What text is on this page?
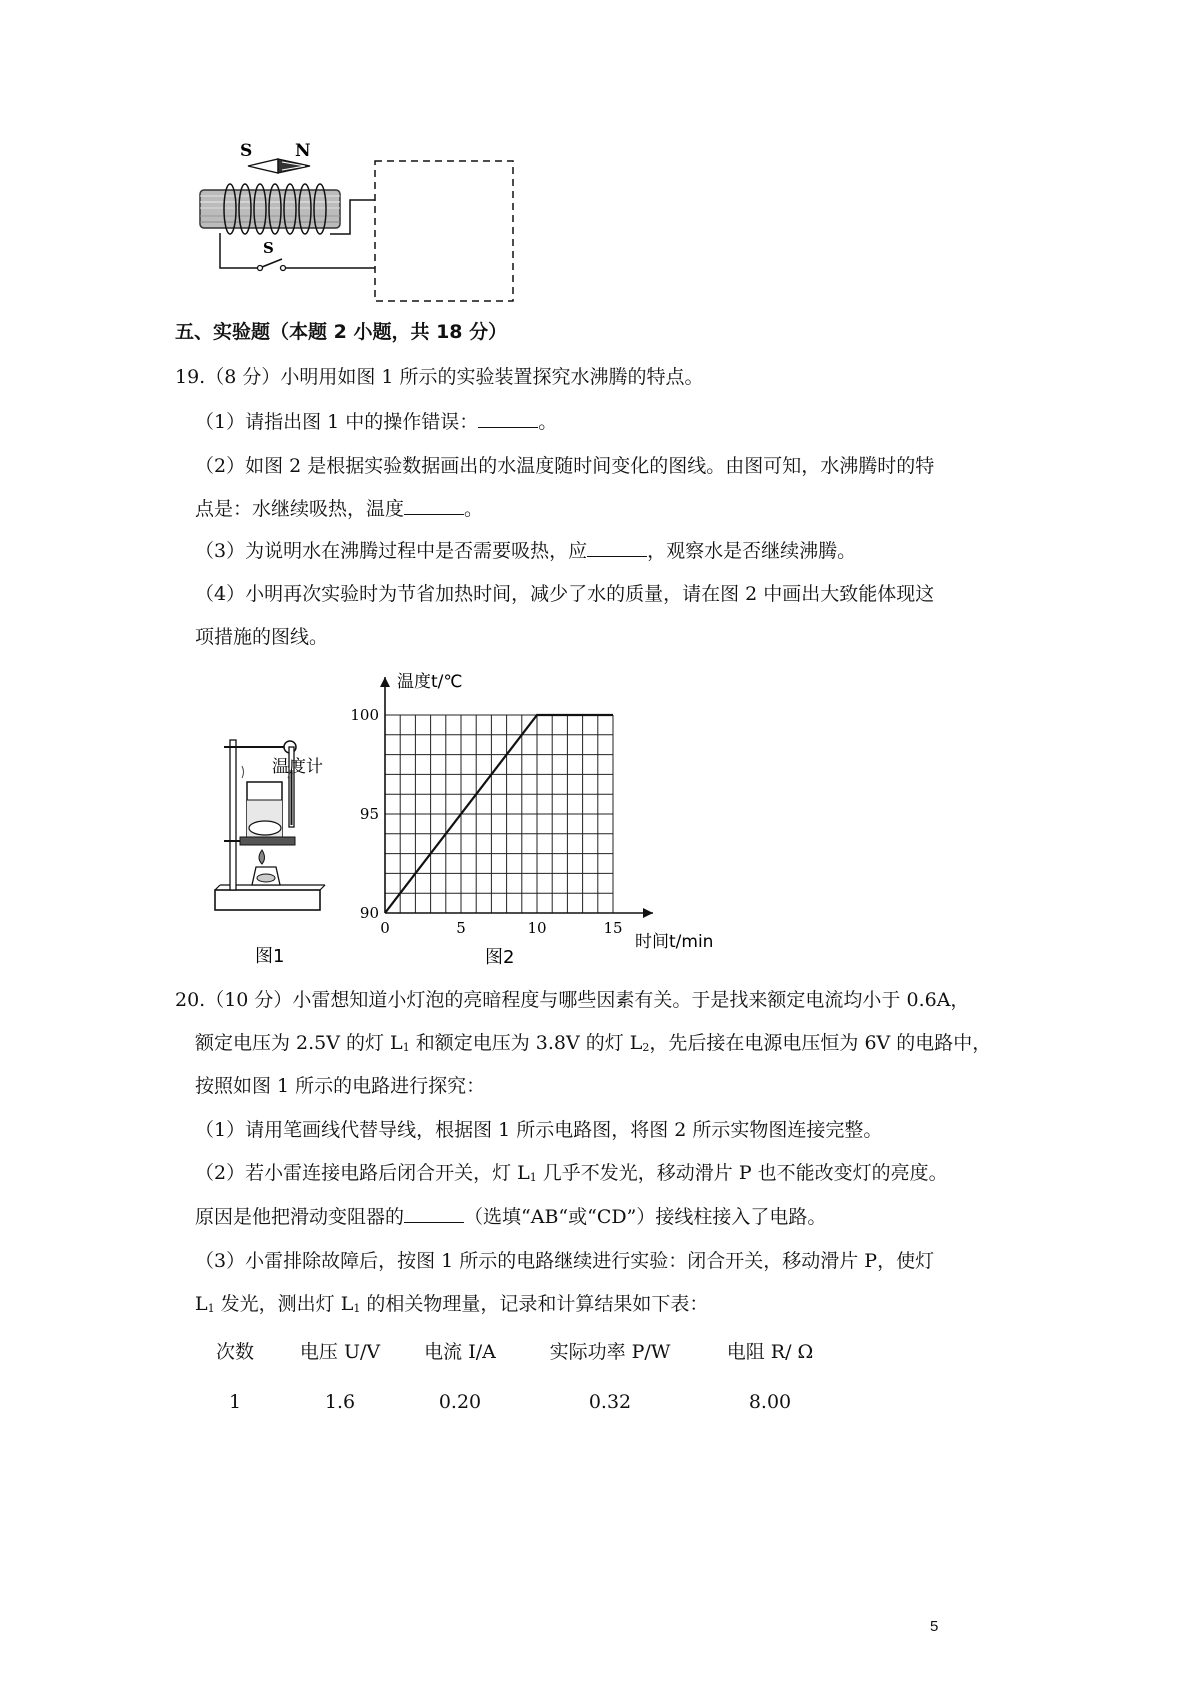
S	N
S
五、实验题（本题 2 小题，共 18 分）
19.（8 分）小明用如图 1 所示的实验装置探究水沸腾的特点。
（1）请指出图 1 中的操作错误：	。
（2）如图 2 是根据实验数据画出的水温度随时间变化的图线。由图可知，水沸腾时的特
点是：水继续吸热，温度	。
（3）为说明水在沸腾过程中是否需要吸热，应	，观察水是否继续沸腾。
（4）小明再次实验时为节省加热时间，减少了水的质量，请在图 2 中画出大致能体现这
项措施的图线。
温度计
图1
0	5	10	15
90
95
100
温度t/℃
时间t/min
图2
20.（10 分）小雷想知道小灯泡的亮暗程度与哪些因素有关。于是找来额定电流均小于 0.6A，
额定电压为 2.5V 的灯 L1 和额定电压为 3.8V 的灯 L2，先后接在电源电压恒为 6V 的电路中，
按照如图 1 所示的电路进行探究：
（1）请用笔画线代替导线，根据图 1 所示电路图，将图 2 所示实物图连接完整。
（2）若小雷连接电路后闭合开关，灯 L1 几乎不发光，移动滑片 P 也不能改变灯的亮度。
原因是他把滑动变阻器的	（选填“AB“或“CD”）接线柱接入了电路。
（3）小雷排除故障后，按图 1 所示的电路继续进行实验：闭合开关，移动滑片 P，使灯
L1 发光，测出灯 L1 的相关物理量，记录和计算结果如下表：
次数	电压 U/V	电流 I/A	实际功率 P/W	电阻 R/ Ω
1	1.6	0.20	0.32	8.00
5
